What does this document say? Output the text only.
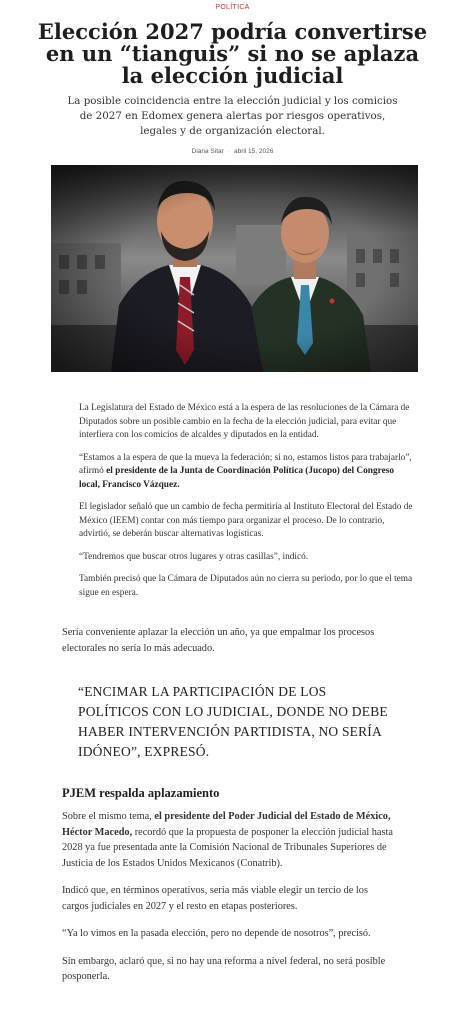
POLÍTICA
Elección 2027 podría convertirse en un “tianguis” si no se aplaza la elección judicial
La posible coincidencia entre la elección judicial y los comicios de 2027 en Edomex genera alertas por riesgos operativos, legales y de organización electoral.
Diana Sitar · abril 15, 2026

La Legislatura del Estado de México está a la espera de las resoluciones de la Cámara de Diputados sobre un posible cambio en la fecha de la elección judicial, para evitar que interfiera con los comicios de alcaldes y diputados en la entidad.

“Estamos a la espera de que la mueva la federación; si no, estamos listos para trabajarlo”, afirmó el presidente de la Junta de Coordinación Política (Jucopo) del Congreso local, Francisco Vázquez.

El legislador señaló que un cambio de fecha permitiría al Instituto Electoral del Estado de México (IEEM) contar con más tiempo para organizar el proceso. De lo contrario, advirtió, se deberán buscar alternativas logísticas.

“Tendremos que buscar otros lugares y otras casillas”, indicó.

También precisó que la Cámara de Diputados aún no cierra su periodo, por lo que el tema sigue en espera.

Sería conveniente aplazar la elección un año, ya que empalmar los procesos electorales no sería lo más adecuado.

“ENCIMAR LA PARTICIPACIÓN DE LOS POLÍTICOS CON LO JUDICIAL, DONDE NO DEBE HABER INTERVENCIÓN PARTIDISTA, NO SERÍA IDÓNEO”, EXPRESÓ.
PJEM respalda aplazamiento

Sobre el mismo tema, el presidente del Poder Judicial del Estado de México, Héctor Macedo, recordó que la propuesta de posponer la elección judicial hasta 2028 ya fue presentada ante la Comisión Nacional de Tribunales Superiores de Justicia de los Estados Unidos Mexicanos (Conatrib).

Indicó que, en términos operativos, sería más viable elegir un tercio de los cargos judiciales en 2027 y el resto en etapas posteriores.

“Ya lo vimos en la pasada elección, pero no depende de nosotros”, precisó.

Sin embargo, aclaró que, si no hay una reforma a nivel federal, no será posible posponerla.
